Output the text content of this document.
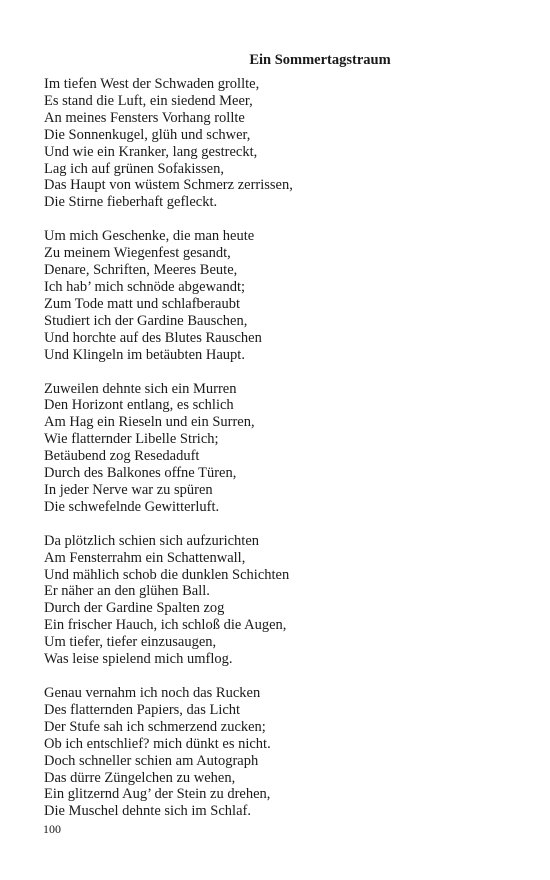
Ein Sommertagstraum
Im tiefen West der Schwaden grollte,
Es stand die Luft, ein siedend Meer,
An meines Fensters Vorhang rollte
Die Sonnenkugel, glüh und schwer,
Und wie ein Kranker, lang gestreckt,
Lag ich auf grünen Sofakissen,
Das Haupt von wüstem Schmerz zerrissen,
Die Stirne fieberhaft gefleckt.
Um mich Geschenke, die man heute
Zu meinem Wiegenfest gesandt,
Denare, Schriften, Meeres Beute,
Ich hab’ mich schnöde abgewandt;
Zum Tode matt und schlafberaubt
Studiert ich der Gardine Bauschen,
Und horchte auf des Blutes Rauschen
Und Klingeln im betäubten Haupt.
Zuweilen dehnte sich ein Murren
Den Horizont entlang, es schlich
Am Hag ein Rieseln und ein Surren,
Wie flatternder Libelle Strich;
Betäubend zog Resedaduft
Durch des Balkones offne Türen,
In jeder Nerve war zu spüren
Die schwefelnde Gewitterluft.
Da plötzlich schien sich aufzurichten
Am Fensterrahm ein Schattenwall,
Und mählich schob die dunklen Schichten
Er näher an den glühen Ball.
Durch der Gardine Spalten zog
Ein frischer Hauch, ich schloß die Augen,
Um tiefer, tiefer einzusaugen,
Was leise spielend mich umflog.
Genau vernahm ich noch das Rucken
Des flatternden Papiers, das Licht
Der Stufe sah ich schmerzend zucken;
Ob ich entschlief? mich dünkt es nicht.
Doch schneller schien am Autograph
Das dürre Züngelchen zu wehen,
Ein glitzernd Aug’ der Stein zu drehen,
Die Muschel dehnte sich im Schlaf.
100
